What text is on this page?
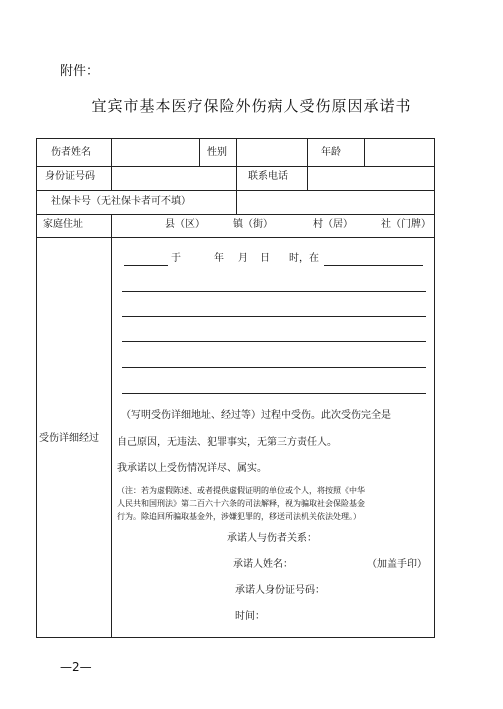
附件：
宜宾市基本医疗保险外伤病人受伤原因承诺书
伤者姓名	性别	年龄
身份证号码	联系电话
社保卡号（无社保卡者可不填）
家庭住址	县（区）	镇（街）	村（居）	社（门牌）
受伤详细经过
于	年 月 日 时，在
（写明受伤详细地址、经过等）过程中受伤。此次受伤完全是
自己原因，无违法、犯罪事实，无第三方责任人。
我承诺以上受伤情况详尽、属实。
（注：若为虚假陈述、或者提供虚假证明的单位或个人，将按照《中华
人民共和国刑法》第二百六十六条的司法解释，视为骗取社会保险基金
行为。除追回所骗取基金外，涉嫌犯罪的，移送司法机关依法处理。）
承诺人与伤者关系：
承诺人姓名：	（加盖手印）
承诺人身份证号码：
时间：
—2—
